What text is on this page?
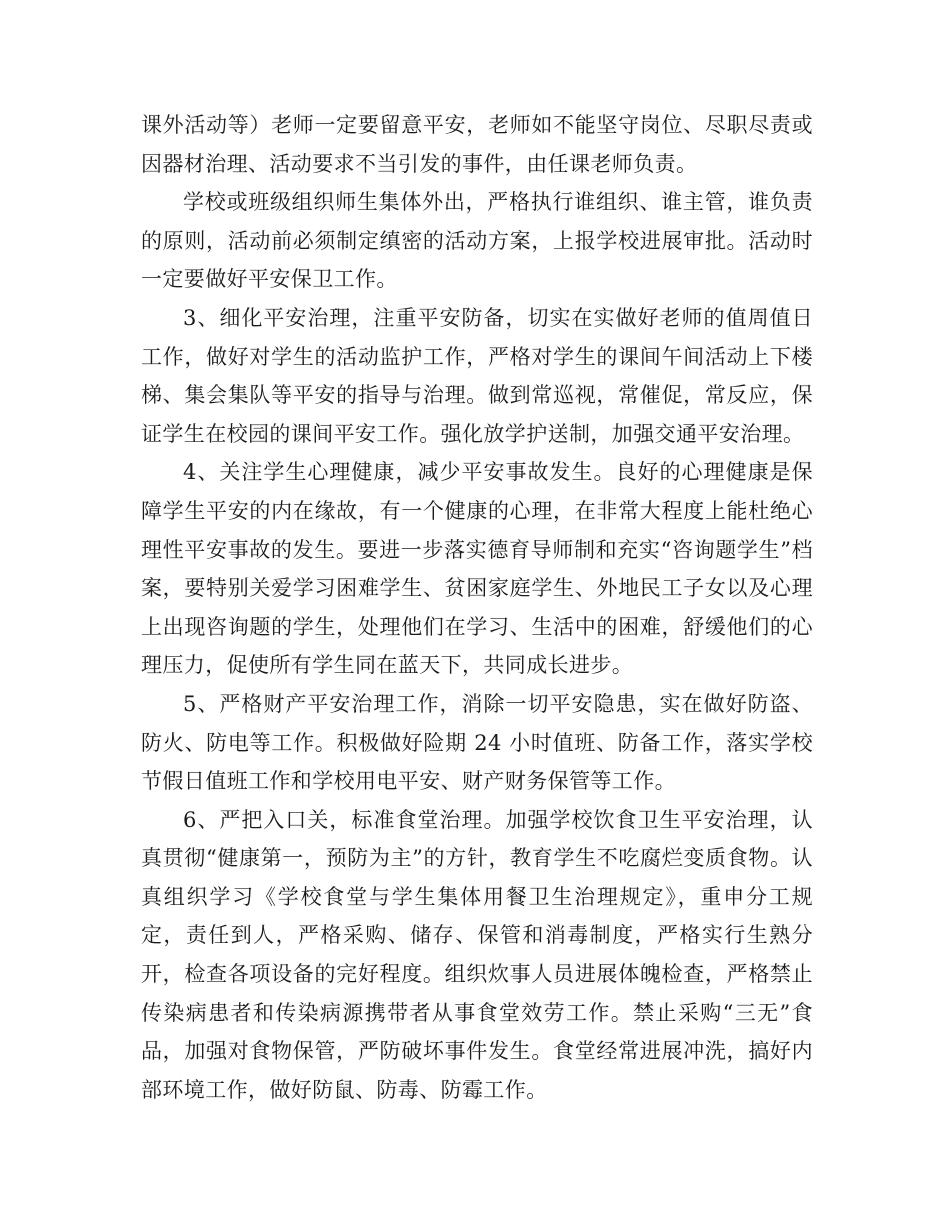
课外活动等）老师一定要留意平安，老师如不能坚守岗位、尽职尽责或因器材治理、活动要求不当引发的事件，由任课老师负责。

学校或班级组织师生集体外出，严格执行谁组织、谁主管，谁负责的原则，活动前必须制定缜密的活动方案，上报学校进展审批。活动时一定要做好平安保卫工作。

3、细化平安治理，注重平安防备，切实在实做好老师的值周值日工作，做好对学生的活动监护工作，严格对学生的课间午间活动上下楼梯、集会集队等平安的指导与治理。做到常巡视，常催促，常反应，保证学生在校园的课间平安工作。强化放学护送制，加强交通平安治理。

4、关注学生心理健康，减少平安事故发生。良好的心理健康是保障学生平安的内在缘故，有一个健康的心理，在非常大程度上能杜绝心理性平安事故的发生。要进一步落实德育导师制和充实“咨询题学生”档案，要特别关爱学习困难学生、贫困家庭学生、外地民工子女以及心理上出现咨询题的学生，处理他们在学习、生活中的困难，舒缓他们的心理压力，促使所有学生同在蓝天下，共同成长进步。

5、严格财产平安治理工作，消除一切平安隐患，实在做好防盗、防火、防电等工作。积极做好险期 24 小时值班、防备工作，落实学校节假日值班工作和学校用电平安、财产财务保管等工作。

6、严把入口关，标准食堂治理。加强学校饮食卫生平安治理，认真贯彻“健康第一，预防为主”的方针，教育学生不吃腐烂变质食物。认真组织学习《学校食堂与学生集体用餐卫生治理规定》，重申分工规定，责任到人，严格采购、储存、保管和消毒制度，严格实行生熟分开，检查各项设备的完好程度。组织炊事人员进展体魄检查，严格禁止传染病患者和传染病源携带者从事食堂效劳工作。禁止采购“三无”食品，加强对食物保管，严防破坏事件发生。食堂经常进展冲洗，搞好内部环境工作，做好防鼠、防毒、防霉工作。
